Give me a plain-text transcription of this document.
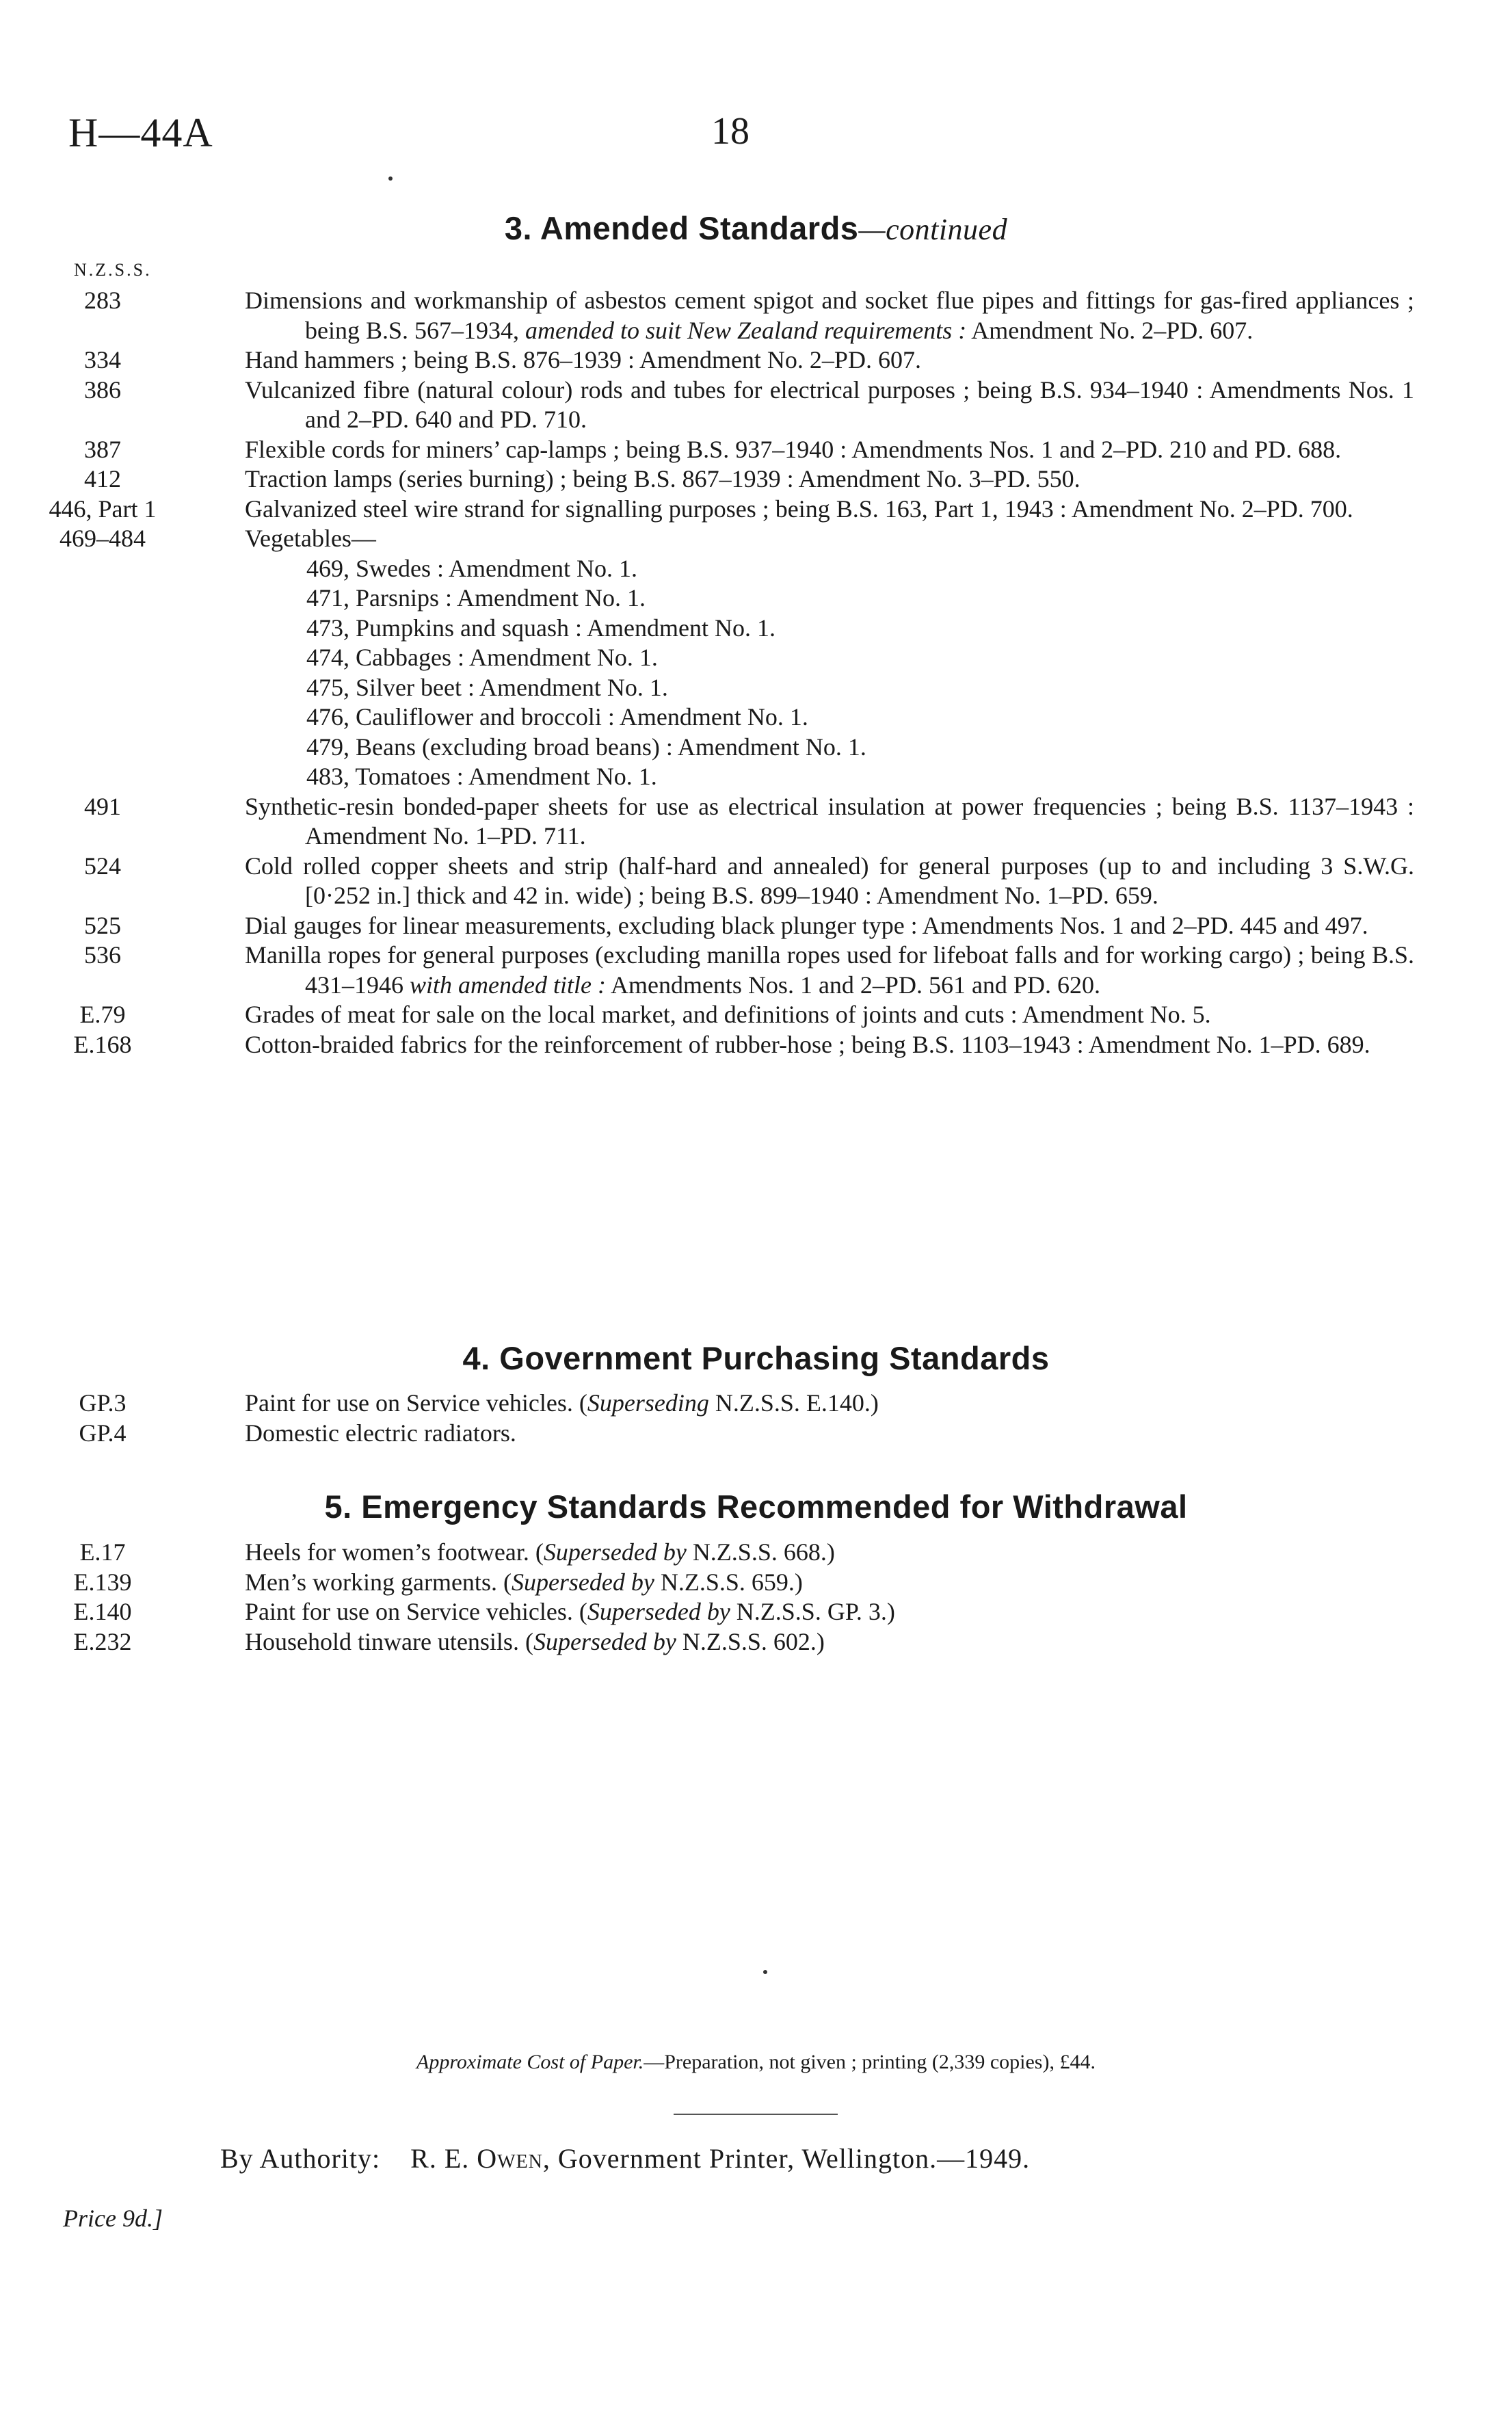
H—44A	18
3. Amended Standards—continued
N.Z.S.S.
283	Dimensions and workmanship of asbestos cement spigot and socket flue pipes and fittings for gas-fired appliances ; being B.S. 567–1934, amended to suit New Zealand requirements : Amendment No. 2–PD. 607.
334	Hand hammers ; being B.S. 876–1939 : Amendment No. 2–PD. 607.
386	Vulcanized fibre (natural colour) rods and tubes for electrical purposes ; being B.S. 934–1940 : Amendments Nos. 1 and 2–PD. 640 and PD. 710.
387	Flexible cords for miners’ cap-lamps ; being B.S. 937–1940 : Amendments Nos. 1 and 2–PD. 210 and PD. 688.
412	Traction lamps (series burning) ; being B.S. 867–1939 : Amendment No. 3–PD. 550.
446, Part 1	Galvanized steel wire strand for signalling purposes ; being B.S. 163, Part 1, 1943 : Amendment No. 2–PD. 700.
469–484	Vegetables—
469, Swedes : Amendment No. 1.
471, Parsnips : Amendment No. 1.
473, Pumpkins and squash : Amendment No. 1.
474, Cabbages : Amendment No. 1.
475, Silver beet : Amendment No. 1.
476, Cauliflower and broccoli : Amendment No. 1.
479, Beans (excluding broad beans) : Amendment No. 1.
483, Tomatoes : Amendment No. 1.
491	Synthetic-resin bonded-paper sheets for use as electrical insulation at power frequencies ; being B.S. 1137–1943 : Amendment No. 1–PD. 711.
524	Cold rolled copper sheets and strip (half-hard and annealed) for general purposes (up to and including 3 S.W.G. [0·252 in.] thick and 42 in. wide) ; being B.S. 899–1940 : Amendment No. 1–PD. 659.
525	Dial gauges for linear measurements, excluding black plunger type : Amendments Nos. 1 and 2–PD. 445 and 497.
536	Manilla ropes for general purposes (excluding manilla ropes used for lifeboat falls and for working cargo) ; being B.S. 431–1946 with amended title : Amendments Nos. 1 and 2–PD. 561 and PD. 620.
E.79	Grades of meat for sale on the local market, and definitions of joints and cuts : Amendment No. 5.
E.168	Cotton-braided fabrics for the reinforcement of rubber-hose ; being B.S. 1103–1943 : Amendment No. 1–PD. 689.
4. Government Purchasing Standards
GP.3	Paint for use on Service vehicles. (Superseding N.Z.S.S. E.140.)
GP.4	Domestic electric radiators.
5. Emergency Standards Recommended for Withdrawal
E.17	Heels for women’s footwear. (Superseded by N.Z.S.S. 668.)
E.139	Men’s working garments. (Superseded by N.Z.S.S. 659.)
E.140	Paint for use on Service vehicles. (Superseded by N.Z.S.S. GP. 3.)
E.232	Household tinware utensils. (Superseded by N.Z.S.S. 602.)
Approximate Cost of Paper.—Preparation, not given ; printing (2,339 copies), £44.
By Authority: R. E. Owen, Government Printer, Wellington.—1949.
Price 9d.]
